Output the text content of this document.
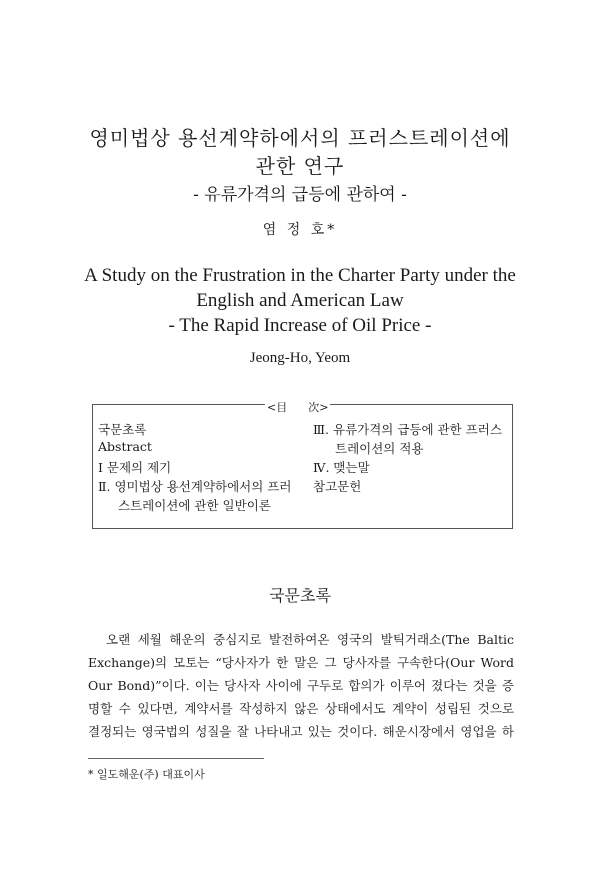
영미법상 용선계약하에서의 프러스트레이션에
관한 연구
- 유류가격의 급등에 관하여 -
염 정 호*
A Study on the Frustration in the Charter Party under the
English and American Law
- The Rapid Increase of Oil Price -
Jeong-Ho, Yeom
<目      次>
국문초록
Abstract
Ⅰ 문제의 제기
Ⅱ. 영미법상 용선계약하에서의 프러
스트레이션에 관한 일반이론
Ⅲ. 유류가격의 급등에 관한 프러스
트레이션의 적용
Ⅳ. 맺는말
참고문헌
국문초록
오랜 세월 해운의 중심지로 발전하여온 영국의 발틱거래소(The Baltic
Exchange)의 모토는 “당사자가 한 말은 그 당사자를 구속한다(Our Word
Our Bond)”이다. 이는 당사자 사이에 구두로 합의가 이루어 졌다는 것을 증
명할 수 있다면, 계약서를 작성하지 않은 상태에서도 계약이 성립된 것으로
결정되는 영국법의 성질을 잘 나타내고 있는 것이다. 해운시장에서 영업을 하
* 일도해운(주) 대표이사
